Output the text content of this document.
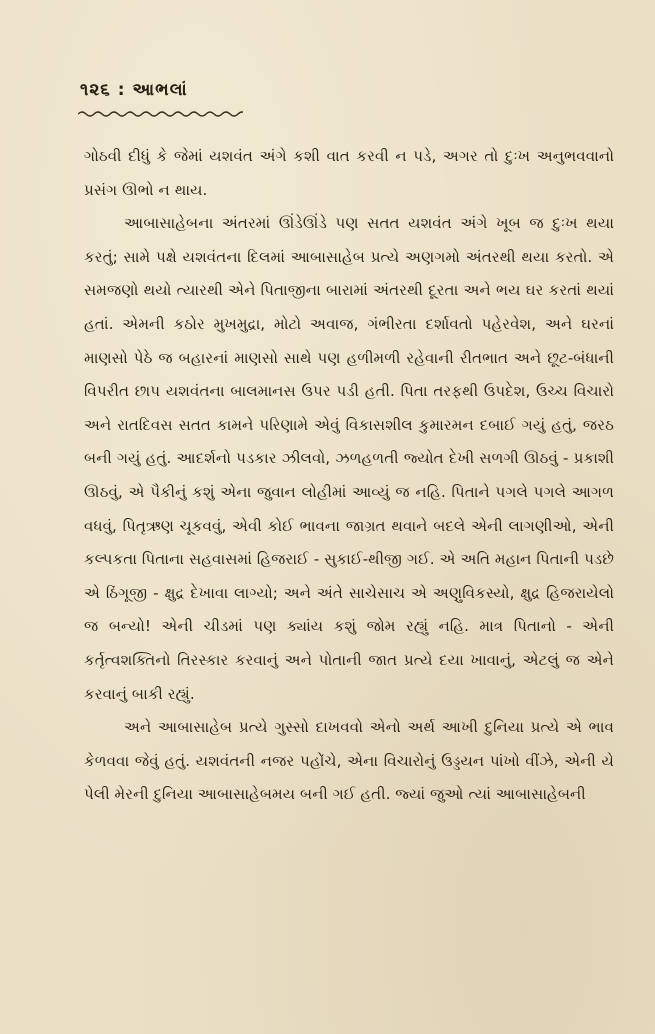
૧૨૬ : આભલાં

ગોઠવી દીધું કે જેમાં યશવંત અંગે કશી વાત કરવી ન પડે, અગર તો દુઃખ અનુભવવાનો પ્રસંગ ઊભો ન થાય.

આબાસાહેબના અંતરમાં ઊંડેઊંડે પણ સતત યશવંત અંગે ખૂબ જ દુઃખ થયા કરતું; સામે પક્ષે યશવંતના દિલમાં આબાસાહેબ પ્રત્યે અણગમો અંતરથી થયા કરતો. એ સમજણો થયો ત્યારથી એને પિતાજીના બારામાં અંતરથી દૂરતા અને ભય ઘર કરતાં થયાં હતાં. એમની કઠોર મુખમુદ્રા, મોટો અવાજ, ગંભીરતા દર્શાવતો પહેરવેશ, અને ઘરનાં માણસો પેઠે જ બહારનાં માણસો સાથે પણ હળીમળી રહેવાની રીતભાત અને છૂટ-બંધાની વિપરીત છાપ યશવંતના બાલમાનસ ઉપર પડી હતી. પિતા તરફથી ઉપદેશ, ઉચ્ચ વિચારો અને રાતદિવસ સતત કામને પરિણામે એવું વિકાસશીલ કુમારમન દબાઈ ગયું હતું, જરઠ બની ગયું હતું. આદર્શનો પડકાર ઝીલવો, ઝળહળતી જ્યોત દેખી સળગી ઊઠવું - પ્રકાશી ઊઠવું, એ પૈકીનું કશું એના જુવાન લોહીમાં આવ્યું જ નહિ. પિતાને પગલે પગલે આગળ વધવું, પિતૃઋણ ચૂકવવું, એવી કોઈ ભાવના જાગ્રત થવાને બદલે એની લાગણીઓ, એની કલ્પકતા પિતાના સહવાસમાં હિજરાઈ - સુકાઈ-થીજી ગઈ. એ અતિ મહાન પિતાની પડછે એ ઠિંગૂજી - ક્ષુદ્ર દેખાવા લાગ્યો; અને અંતે સાચેસાચ એ અણુવિકસ્યો, ક્ષુદ્ર હિજરાયેલો જ બન્યો! એની ચીડમાં પણ ક્યાંય કશું જોમ રહ્યું નહિ. માત્ર પિતાનો - એની કર્તૃત્વશક્તિનો તિરસ્કાર કરવાનું અને પોતાની જાત પ્રત્યે દયા ખાવાનું, એટલું જ એને કરવાનું બાકી રહ્યું.

અને આબાસાહેબ પ્રત્યે ગુસ્સો દાખવવો એનો અર્થ આખી દુનિયા પ્રત્યે એ ભાવ કેળવવા જેવું હતું. યશવંતની નજર પહોંચે, એના વિચારોનું ઉડ્ડયન પાંખો વીંઝે, એની યે પેલી મેરની દુનિયા આબાસાહેબમય બની ગઈ હતી. જ્યાં જુઓ ત્યાં આબાસાહેબની
